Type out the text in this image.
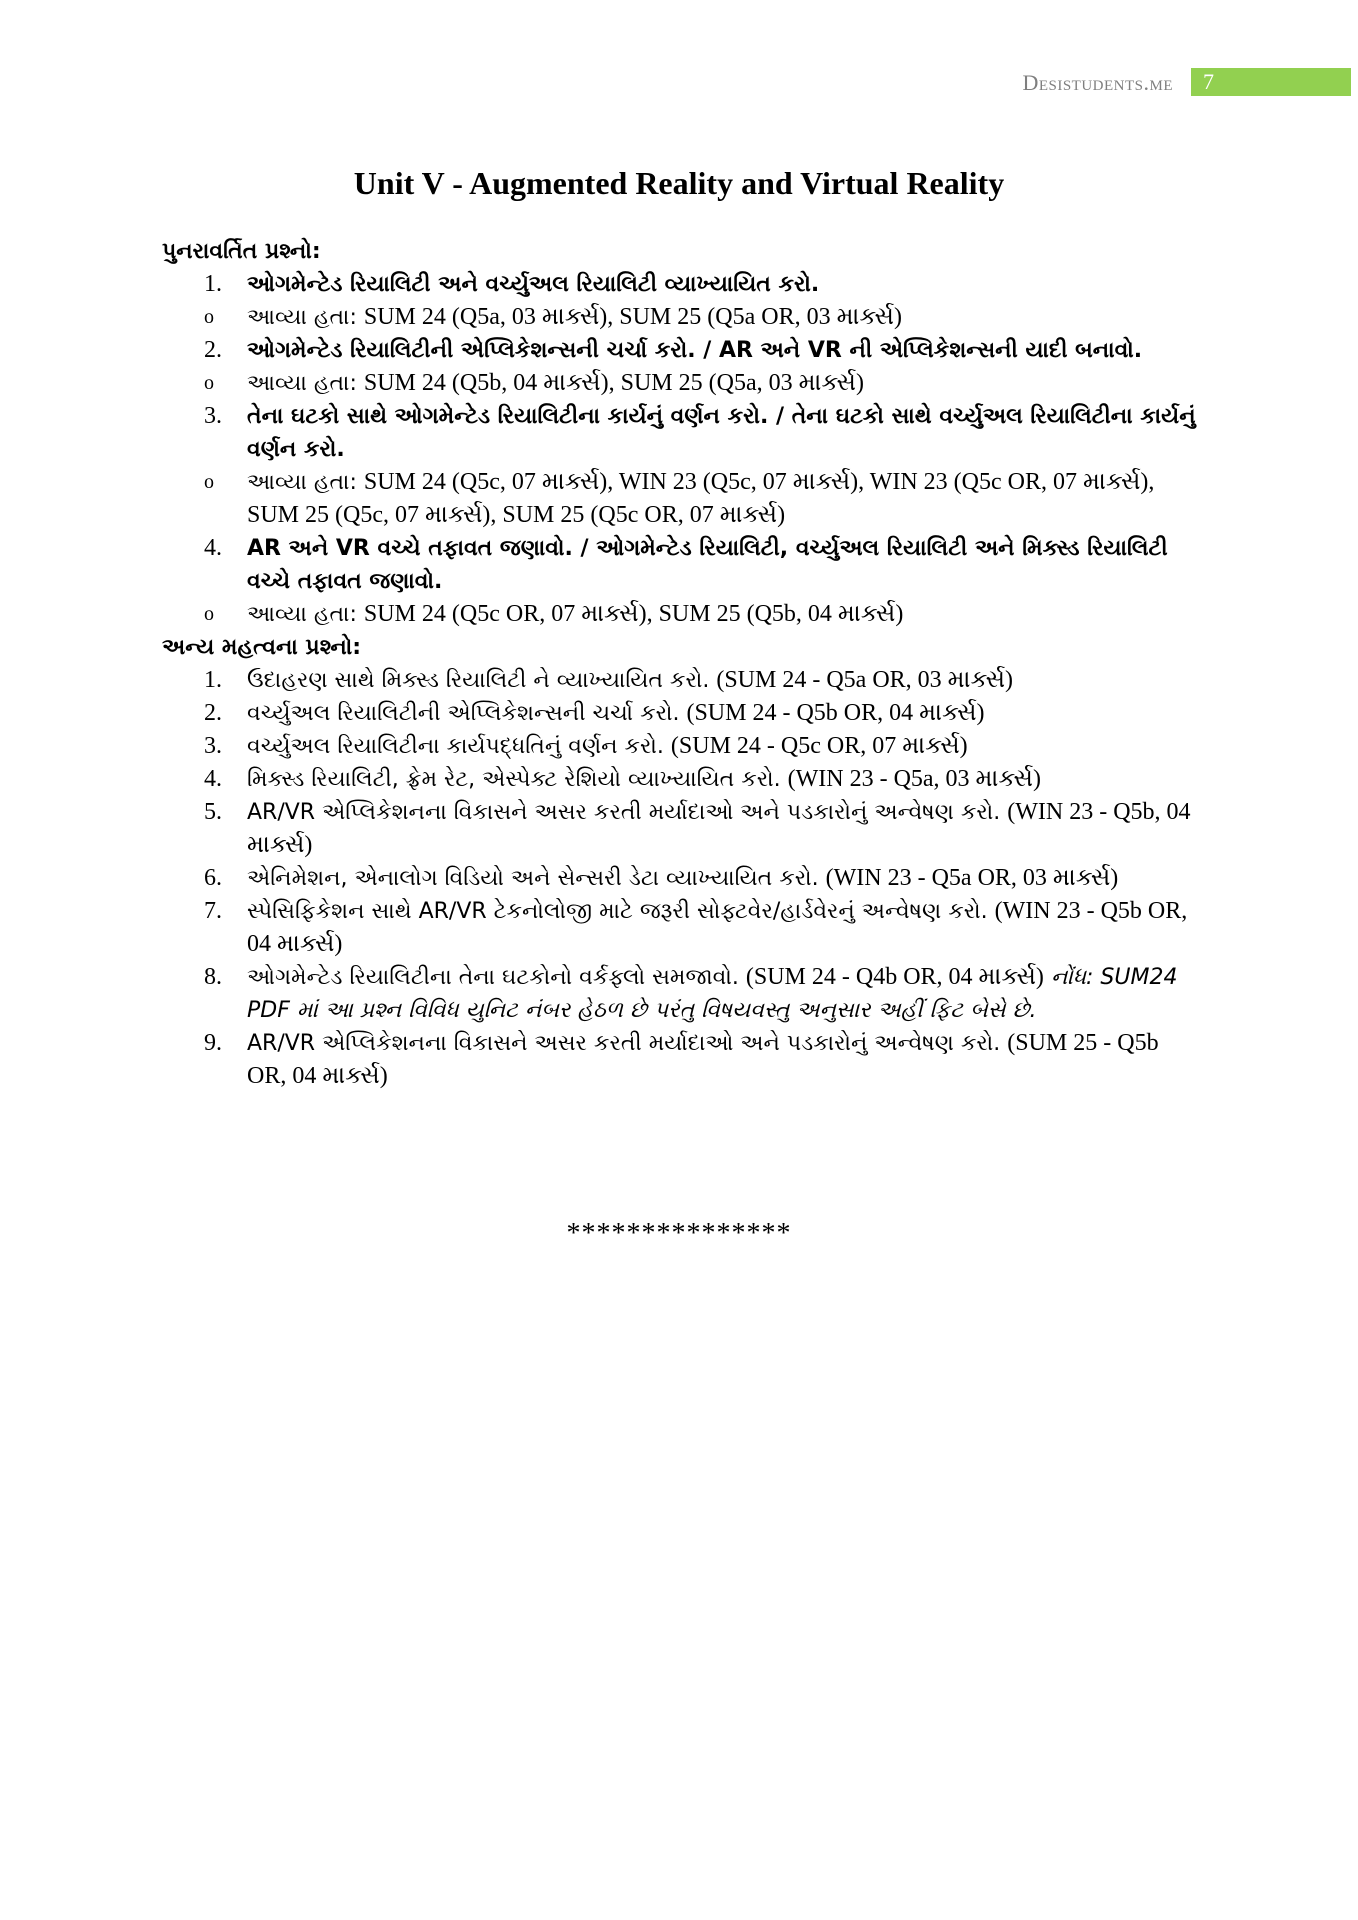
Desistudents.me	7
Unit V - Augmented Reality and Virtual Reality
પુનરાવર્તિત પ્રશ્નો:
1. ઓગમેન્ટેડ રિયાલિટી અને વર્ચ્યુઅલ રિયાલિટી વ્યાખ્યાયિત કરો.
o આવ્યા હતા: SUM 24 (Q5a, 03 માર્ક્સ), SUM 25 (Q5a OR, 03 માર્ક્સ)
2. ઓગમેન્ટેડ રિયાલિટીની એપ્લિકેશન્સની ચર્ચા કરો. / AR અને VR ની એપ્લિકેશન્સની યાદી બનાવો.
o આવ્યા હતા: SUM 24 (Q5b, 04 માર્ક્સ), SUM 25 (Q5a, 03 માર્ક્સ)
3. તેના ઘટકો સાથે ઓગમેન્ટેડ રિયાલિટીના કાર્યનું વર્ણન કરો. / તેના ઘટકો સાથે વર્ચ્યુઅલ રિયાલિટીના કાર્યનું વર્ણન કરો.
o આવ્યા હતા: SUM 24 (Q5c, 07 માર્ક્સ), WIN 23 (Q5c, 07 માર્ક્સ), WIN 23 (Q5c OR, 07 માર્ક્સ), SUM 25 (Q5c, 07 માર્ક્સ), SUM 25 (Q5c OR, 07 માર્ક્સ)
4. AR અને VR વચ્ચે તફાવત જણાવો. / ઓગમેન્ટેડ રિયાલિટી, વર્ચ્યુઅલ રિયાલિટી અને મિક્સ્ડ રિયાલિટી વચ્ચે તફાવત જણાવો.
o આવ્યા હતા: SUM 24 (Q5c OR, 07 માર્ક્સ), SUM 25 (Q5b, 04 માર્ક્સ)
અન્ય મહત્વના પ્રશ્નો:
1. ઉદાહરણ સાથે મિક્સ્ડ રિયાલિટી ને વ્યાખ્યાયિત કરો. (SUM 24 - Q5a OR, 03 માર્ક્સ)
2. વર્ચ્યુઅલ રિયાલિટીની એપ્લિકેશન્સની ચર્ચા કરો. (SUM 24 - Q5b OR, 04 માર્ક્સ)
3. વર્ચ્યુઅલ રિયાલિટીના કાર્યપદ્ધતિનું વર્ણન કરો. (SUM 24 - Q5c OR, 07 માર્ક્સ)
4. મિક્સ્ડ રિયાલિટી, ફ્રેમ રેટ, એસ્પેક્ટ રેશિયો વ્યાખ્યાયિત કરો. (WIN 23 - Q5a, 03 માર્ક્સ)
5. AR/VR એપ્લિકેશનના વિકાસને અસર કરતી મર્યાદાઓ અને પડકારોનું અન્વેષણ કરો. (WIN 23 - Q5b, 04 માર્ક્સ)
6. એનિમેશન, એનાલોગ વિડિયો અને સેન્સરી ડેટા વ્યાખ્યાયિત કરો. (WIN 23 - Q5a OR, 03 માર્ક્સ)
7. સ્પેસિફિકેશન સાથે AR/VR ટેકનોલોજી માટે જરૂરી સોફ્ટવેર/હાર્ડવેરનું અન્વેષણ કરો. (WIN 23 - Q5b OR, 04 માર્ક્સ)
8. ઓગમેન્ટેડ રિયાલિટીના તેના ઘટકોનો વર્કફ્લો સમજાવો. (SUM 24 - Q4b OR, 04 માર્ક્સ) નોંધ: SUM24 PDF માં આ પ્રશ્ન વિવિધ યુનિટ નંબર હેઠળ છે પરંતુ વિષયવસ્તુ અનુસાર અહીં ફિટ બેસે છે.
9. AR/VR એપ્લિકેશનના વિકાસને અસર કરતી મર્યાદાઓ અને પડકારોનું અન્વેષણ કરો. (SUM 25 - Q5b OR, 04 માર્ક્સ)
***************
